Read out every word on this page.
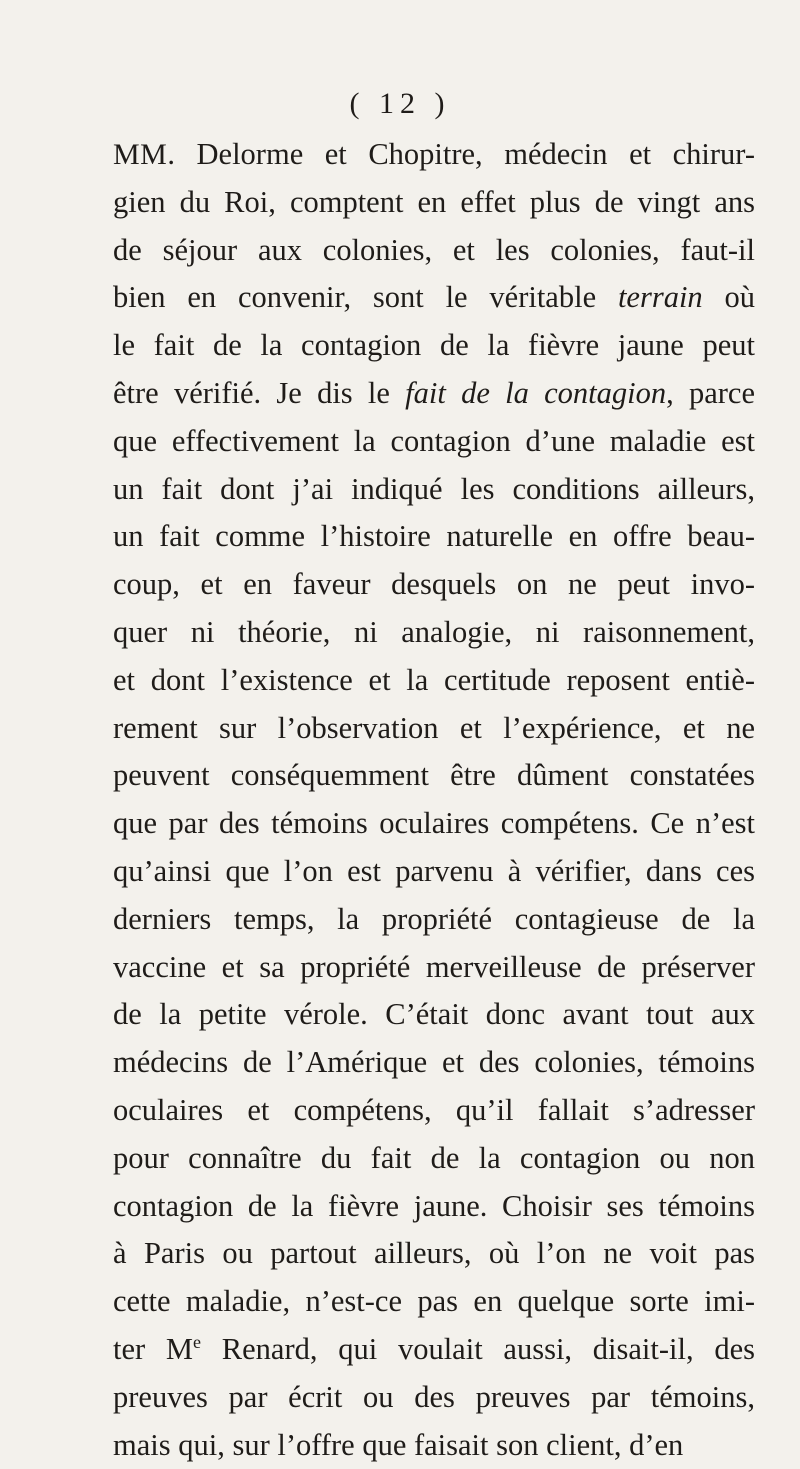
( 12 )
MM. Delorme et Chopitre, médecin et chirur-
gien du Roi, comptent en effet plus de vingt ans
de séjour aux colonies, et les colonies, faut-il
bien en convenir, sont le véritable terrain où
le fait de la contagion de la fièvre jaune peut
être vérifié. Je dis le fait de la contagion, parce
que effectivement la contagion d’une maladie est
un fait dont j’ai indiqué les conditions ailleurs,
un fait comme l’histoire naturelle en offre beau-
coup, et en faveur desquels on ne peut invo-
quer ni théorie, ni analogie, ni raisonnement,
et dont l’existence et la certitude reposent entiè-
rement sur l’observation et l’expérience, et ne
peuvent conséquemment être dûment constatées
que par des témoins oculaires compétens. Ce n’est
qu’ainsi que l’on est parvenu à vérifier, dans ces
derniers temps, la propriété contagieuse de la
vaccine et sa propriété merveilleuse de préserver
de la petite vérole. C’était donc avant tout aux
médecins de l’Amérique et des colonies, témoins
oculaires et compétens, qu’il fallait s’adresser
pour connaître du fait de la contagion ou non
contagion de la fièvre jaune. Choisir ses témoins
à Paris ou partout ailleurs, où l’on ne voit pas
cette maladie, n’est-ce pas en quelque sorte imi-
ter Me Renard, qui voulait aussi, disait-il, des
preuves par écrit ou des preuves par témoins,
mais qui, sur l’offre que faisait son client, d’en
